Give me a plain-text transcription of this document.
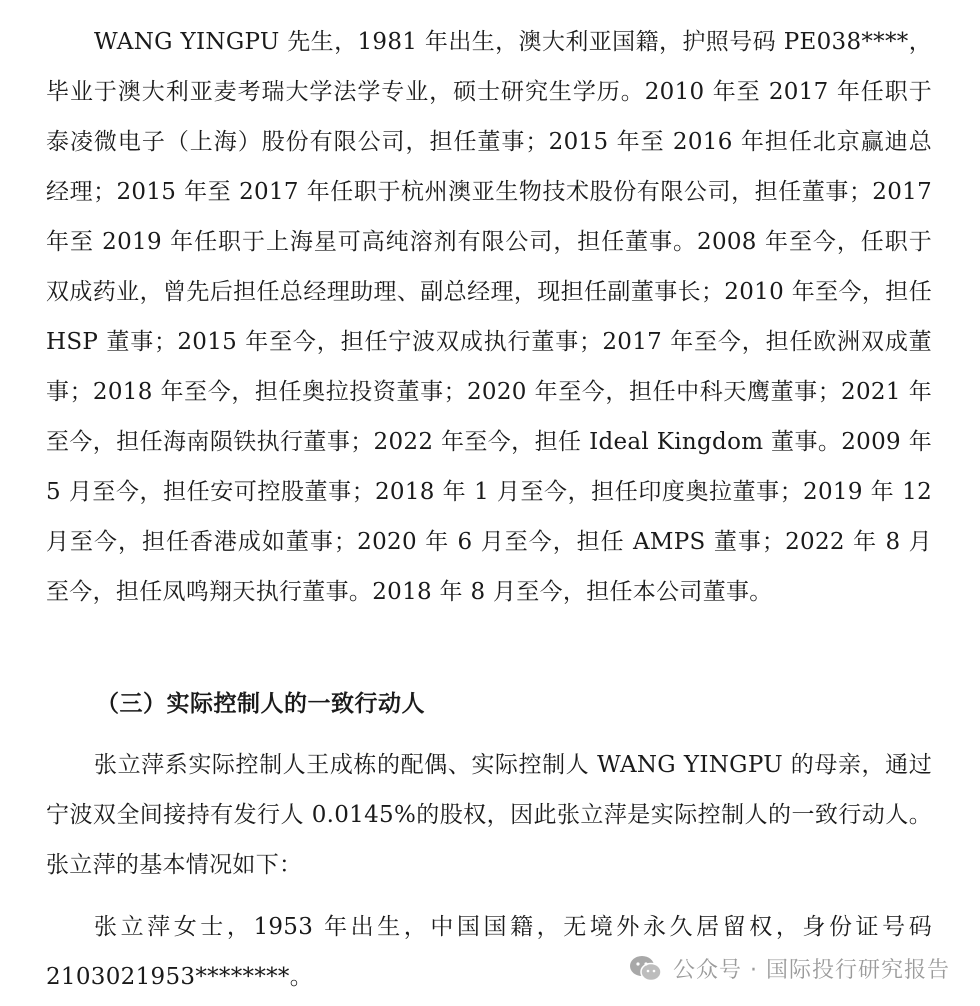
WANG YINGPU 先生，1981 年出生，澳大利亚国籍，护照号码 PE038****，毕业于澳大利亚麦考瑞大学法学专业，硕士研究生学历。2010 年至 2017 年任职于泰凌微电子（上海）股份有限公司，担任董事；2015 年至 2016 年担任北京赢迪总经理；2015 年至 2017 年任职于杭州澳亚生物技术股份有限公司，担任董事；2017 年至 2019 年任职于上海星可高纯溶剂有限公司，担任董事。2008 年至今，任职于双成药业，曾先后担任总经理助理、副总经理，现担任副董事长；2010 年至今，担任 HSP 董事；2015 年至今，担任宁波双成执行董事；2017 年至今，担任欧洲双成董事；2018 年至今，担任奥拉投资董事；2020 年至今，担任中科天鹰董事；2021 年至今，担任海南陨铁执行董事；2022 年至今，担任 Ideal Kingdom 董事。2009 年 5 月至今，担任安可控股董事；2018 年 1 月至今，担任印度奥拉董事；2019 年 12 月至今，担任香港成如董事；2020 年 6 月至今，担任 AMPS 董事；2022 年 8 月至今，担任凤鸣翔天执行董事。2018 年 8 月至今，担任本公司董事。

（三）实际控制人的一致行动人

张立萍系实际控制人王成栋的配偶、实际控制人 WANG YINGPU 的母亲，通过宁波双全间接持有发行人 0.0145%的股权，因此张立萍是实际控制人的一致行动人。张立萍的基本情况如下：

张立萍女士，1953 年出生，中国国籍，无境外永久居留权，身份证号码 2103021953********。	公众号 · 国际投行研究报告
